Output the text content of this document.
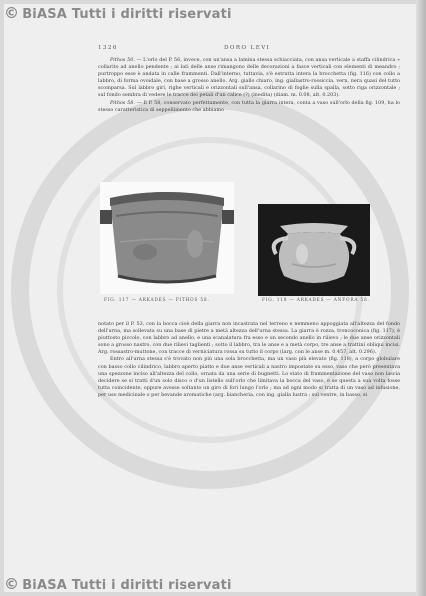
© BiASA Tutti i diritti riservati
1326	DORO LEVI

Pithos 50. — L'orlo del P. 56, invece, con un'ansa a lamina stessa schiacciata, con ansa verticale a staffa cilindrica » collarito ad anello pendente ; ai lati delle anse rimangono delle decorazioni a fasce verticali con elementi di meandro ; purtroppo esse è andata in calle frammenti. Dall'interno, tuttavia, s'è estratta intera la brocchetta (fig. 116) con collo a labbro, di forma ovoidale, con base a grosso anello. Arg. giallo chiaro, ing. giallastro-rossiccia, vern. nera quasi del tutto scomparsa. Sul labbro giri, righe verticali e orizzontali sull'ansa, collarino di foglie sulla spalla, sotto riga orizzontale ; sul fondo sembra di vedere le tracce dei petali d'un calice (?) (inedita) (diam. m. 0.08, alt. 0.203).

Pithos 58. — Il P. 58, conservato perfettamente, con tutta la giarra intera, conta a vaso sull'orlo della fig. 109, ha lo stesso caratteristica di seppellimento che abbiamo

FIG. 117 — ARKADES — PITHOS 58.	FIG. 118 — ARKADES — ANFORA 58.

notato per il P. 53, con la bocca cioè della giarra non incastrata nel terreno e nemmeno appoggiata all'altezza del fondo dell'urna, ma sollevata su una base di pietre a metà altezza dell'urna stessa. La giarra è rozza, troncoconica (fig. 117), è piuttosto piccolo, con labbro ad anello, e una scanalatura fra esso e un secondo anello in rilievo ; le due anse orizzontali sono a grosso nastro, con due rilievi taglienti ; sotto il labbro, tra le anse e a metà corpo, tre anse a trattini obliqui incisi. Arg. rossastro-muttone, con tracce di verniciatura rossa su tutto il corpo (larg. con le anse m. 0.457, alt. 0.296).

Entro all'urna stessa s'è trovato non più una sola brocchetta, ma un vaso più elevato (fig. 118), a corpo globulare con basso collo cilindrico, labbro aperto piatto e due anse verticali a nastro impostate su esso, vaso che però presentava una spezzone inciso all'altezza del collo, ornata da una serie di bugnetti. Lo stato di frammentazione del vaso non lascia decidere se si tratti d'un solo disco o d'un listello sull'orlo che limitava la bocca del vaso, e se questa a sua volta fosse tutta coincidente, oppure avesse soltanto un giro di fori lungo l'orlo ; ma ad ogni modo si tratta di un vaso ad infusione, per uso medicinale o per bevande aromatiche (arg. biancheria, con ing. gialla lustra ; sul ventre, in basso, si

© BiASA Tutti i diritti riservati
